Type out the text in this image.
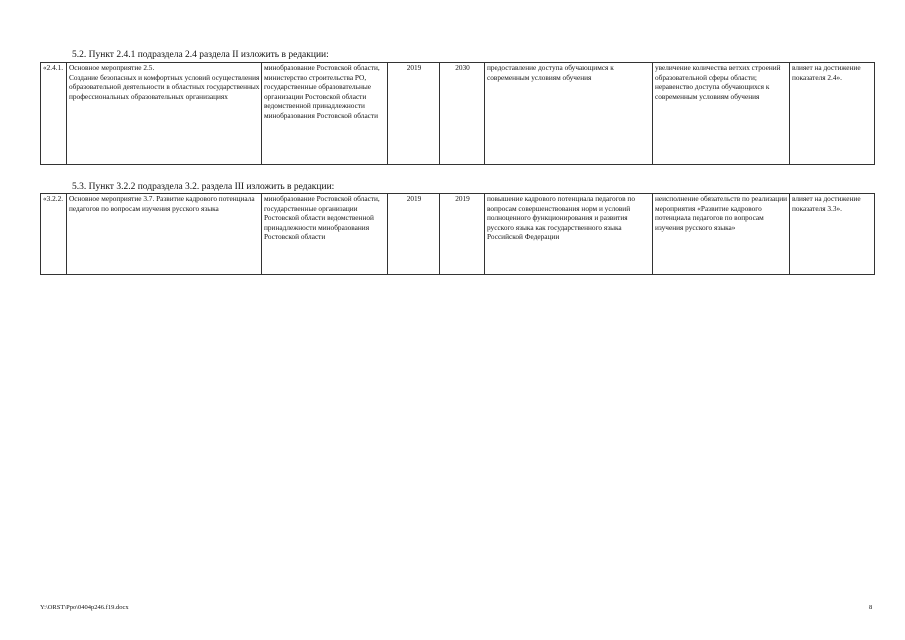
5.2. Пункт 2.4.1 подраздела 2.4 раздела II изложить в редакции:
«2.4.1.	Основное мероприятие 2.5.
Создание безопасных и комфортных условий осуществления образовательной деятельности в областных государственных профессиональных образовательных организациях	минобразование Ростовской области,
министерство строительства РО, государственные образовательные организации Ростовской области ведомственной принадлежности минобразования Ростовской области	2019	2030	предоставление доступа обучающимся к современным условиям обучения	увеличение количества ветхих строений образовательной сферы области; неравенство доступа обучающихся к современным условиям обучения	влияет на достижение показателя 2.4».
5.3. Пункт 3.2.2 подраздела 3.2. раздела III изложить в редакции:
«3.2.2.	Основное мероприятие 3.7. Развитие кадрового потенциала педагогов по вопросам изучения русского языка	минобразование Ростовской области,
государственные организации Ростовской области ведомственной принадлежности минобразования Ростовской области	2019	2019	повышение кадрового потенциала педагогов по вопросам совершенствования норм и условий полноценного функционирования и развития русского языка как государственного языка Российской Федерации	неисполнение обязательств по реализации мероприятия «Развитие кадрового потенциала педагогов по вопросам изучения русского языка»	влияет на достижение показателя 3.3».
Y:\ORST\Ppo\0404p246.f19.docx	8
